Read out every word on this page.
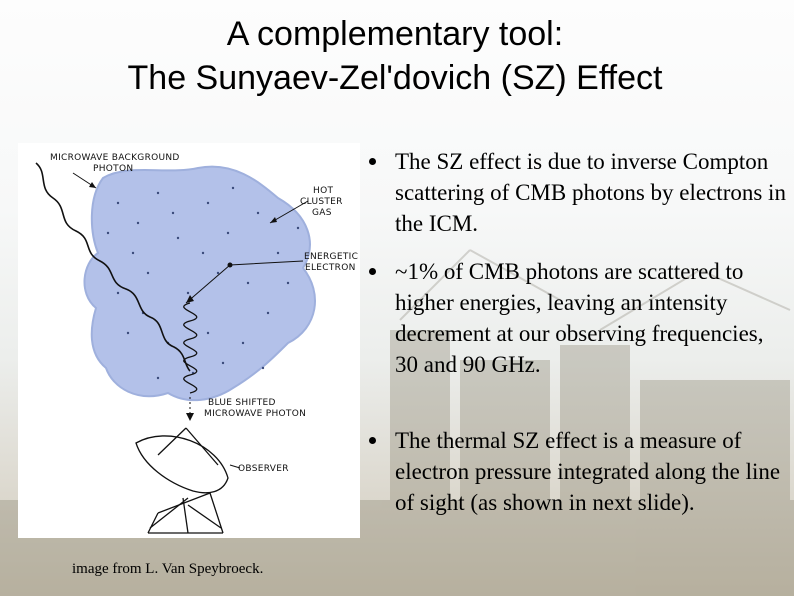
A complementary tool:
The Sunyaev-Zel'dovich (SZ) Effect
MICROWAVE BACKGROUND
PHOTON
HOT
CLUSTER
GAS
ENERGETIC
ELECTRON
BLUE SHIFTED
MICROWAVE PHOTON
OBSERVER
image from L. Van Speybroeck.
The SZ effect is due to inverse Compton scattering of CMB photons by electrons in the ICM.
~1% of CMB photons are scattered to higher energies, leaving an intensity decrement at our observing frequencies, 30 and 90 GHz.
The thermal SZ effect is a measure of electron pressure integrated along the line of sight (as shown in next slide).
